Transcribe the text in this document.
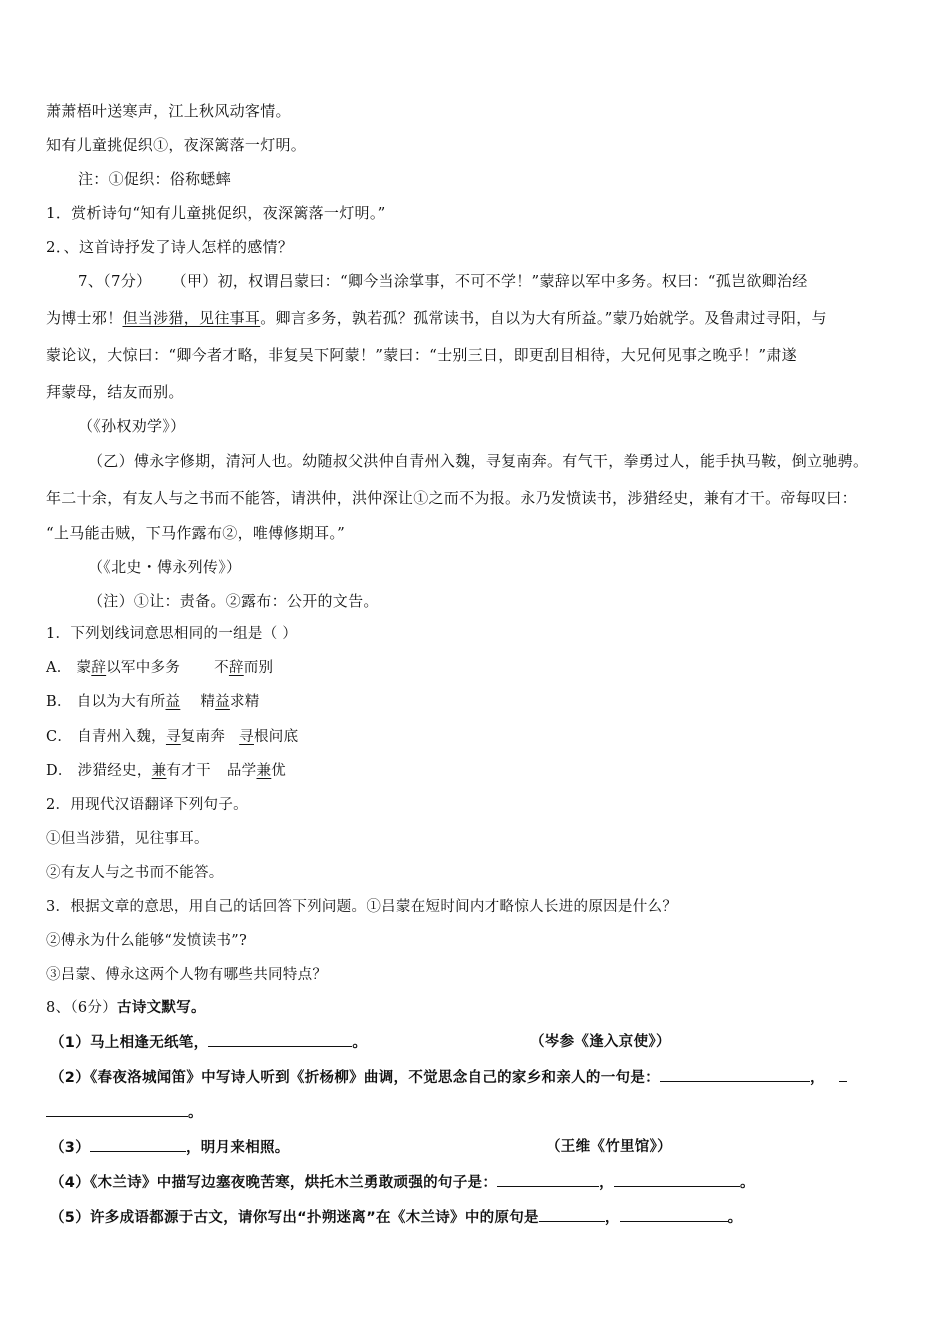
萧萧梧叶送寒声，江上秋风动客情。
知有儿童挑促织①，夜深篱落一灯明。
注：①促织：俗称蟋蟀
1．赏析诗句“知有儿童挑促织，夜深篱落一灯明。”
2．、这首诗抒发了诗人怎样的感情？
7、（7分） （甲）初，权谓吕蒙曰：“卿今当涂掌事，不可不学！”蒙辞以军中多务。权曰：“孤岂欲卿治经
为博士邪！但当涉猎，见往事耳。卿言多务，孰若孤？孤常读书，自以为大有所益。”蒙乃始就学。及鲁肃过寻阳，与
蒙论议，大惊曰：“卿今者才略，非复吴下阿蒙！”蒙曰：“士别三日，即更刮目相待，大兄何见事之晚乎！”肃遂
拜蒙母，结友而别。
（《孙权劝学》）
（乙）傅永字修期，清河人也。幼随叔父洪仲自青州入魏，寻复南奔。有气干，拳勇过人，能手执马鞍，倒立驰骋。
年二十余，有友人与之书而不能答，请洪仲，洪仲深让①之而不为报。永乃发愤读书，涉猎经史，兼有才干。帝每叹曰：
“上马能击贼，下马作露布②，唯傅修期耳。”
（《北史・傅永列传》）
（注）①让：责备。②露布：公开的文告。
1．下列划线词意思相同的一组是（ ）
A． 蒙辞以军中多务 不辞而别
B． 自以为大有所益 精益求精
C． 自青州入魏，寻复南奔 寻根问底
D． 涉猎经史，兼有才干 品学兼优
2．用现代汉语翻译下列句子。
①但当涉猎，见往事耳。
②有友人与之书而不能答。
3．根据文章的意思，用自己的话回答下列问题。①吕蒙在短时间内才略惊人长进的原因是什么？
②傅永为什么能够“发愤读书”?
③吕蒙、傅永这两个人物有哪些共同特点？
8、（6分）古诗文默写。
（1）马上相逢无纸笔，	。	（岑参《逢入京使》）
（2）《春夜洛城闻笛》中写诗人听到《折杨柳》曲调，不觉思念自己的家乡和亲人的一句是：	，
。
（3）	，明月来相照。	（王维《竹里馆》）
（4）《木兰诗》中描写边塞夜晚苦寒，烘托木兰勇敢顽强的句子是：	，	。
（5）许多成语都源于古文，请你写出“扑朔迷离”在《木兰诗》中的原句是	，	。
